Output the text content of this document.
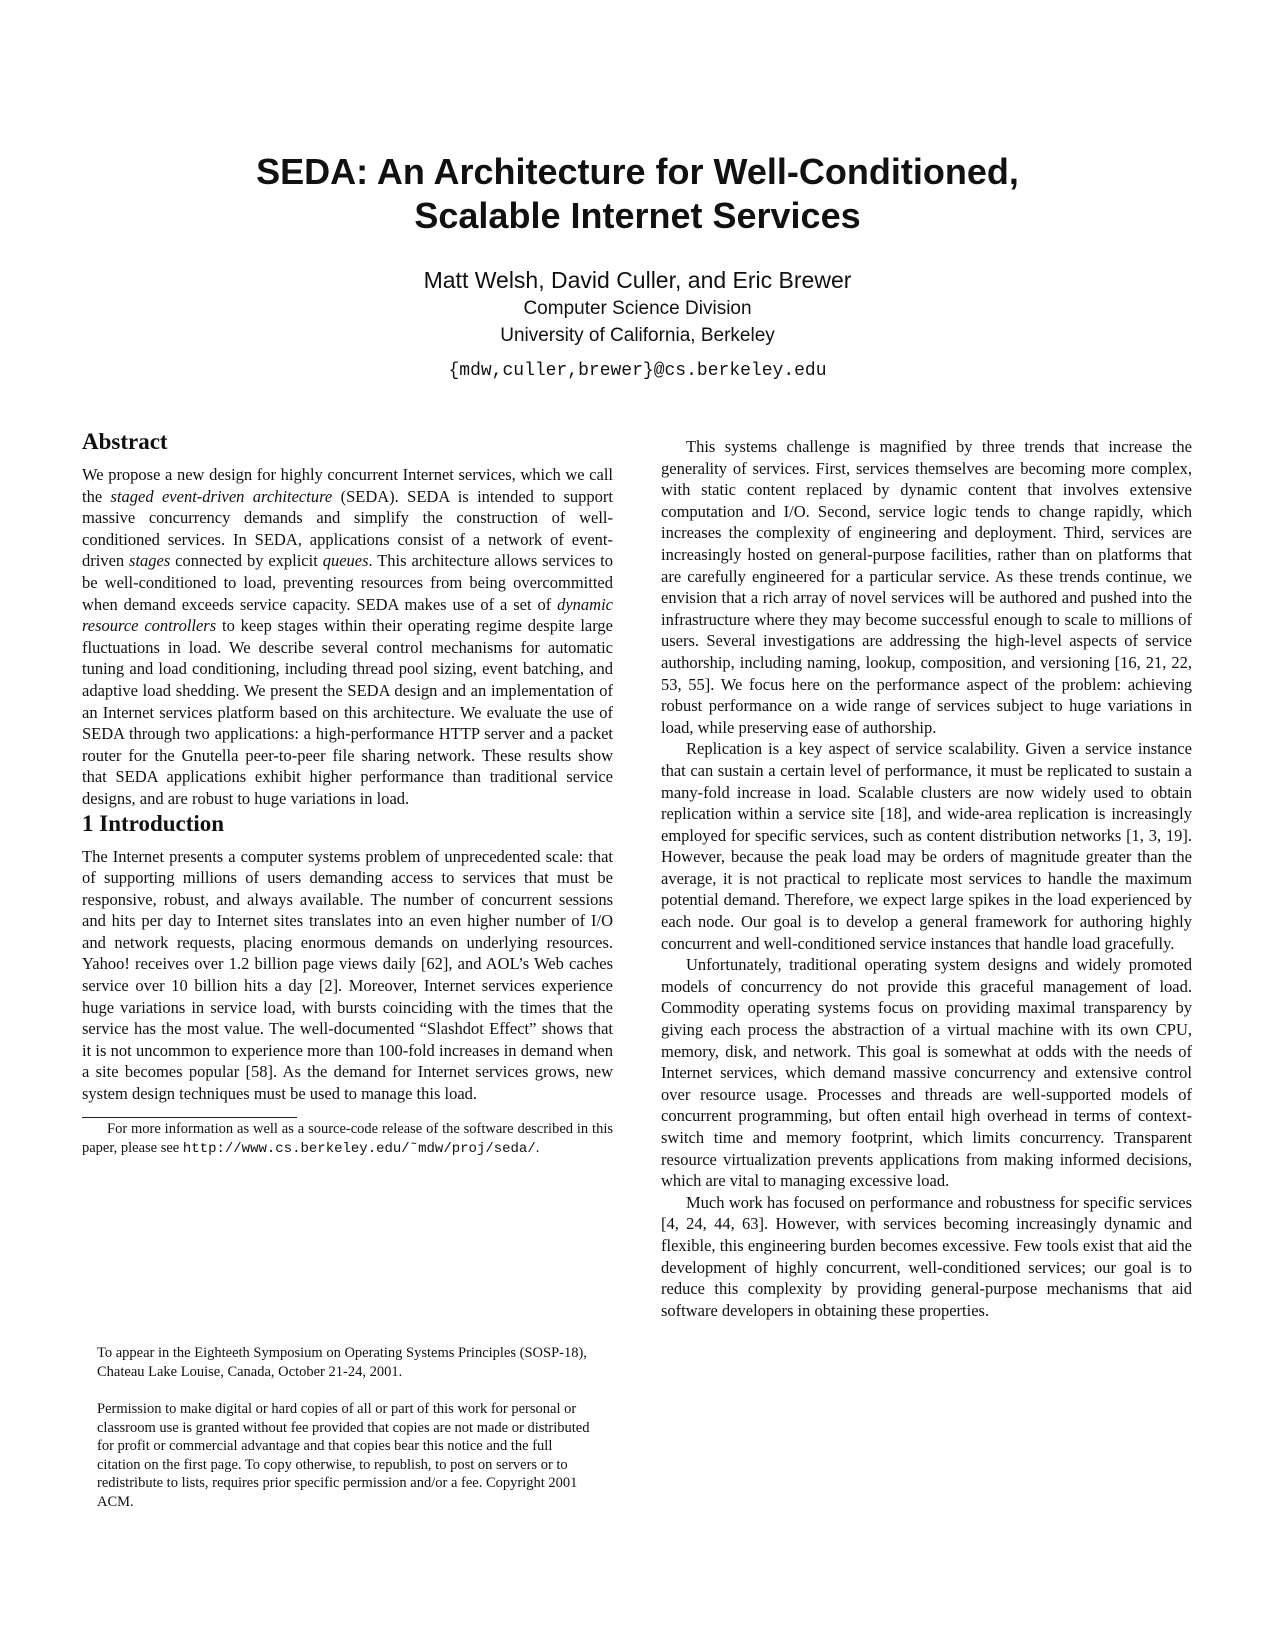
SEDA: An Architecture for Well-Conditioned,
Scalable Internet Services

Matt Welsh, David Culler, and Eric Brewer

Computer Science Division

University of California, Berkeley

{mdw,culler,brewer}@cs.berkeley.edu

Abstract

We propose a new design for highly concurrent Internet services, which we call the staged event-driven architecture (SEDA). SEDA is intended to support massive concurrency demands and simplify the construction of well-conditioned services. In SEDA, applications consist of a network of event-driven stages connected by explicit queues. This architecture allows services to be well-conditioned to load, preventing resources from being overcommitted when demand exceeds service capacity. SEDA makes use of a set of dynamic resource controllers to keep stages within their operating regime despite large fluctuations in load. We describe several control mechanisms for automatic tuning and load conditioning, including thread pool sizing, event batching, and adaptive load shedding. We present the SEDA design and an implementation of an Internet services platform based on this architecture. We evaluate the use of SEDA through two applications: a high-performance HTTP server and a packet router for the Gnutella peer-to-peer file sharing network. These results show that SEDA applications exhibit higher performance than traditional service designs, and are robust to huge variations in load.

1 Introduction

The Internet presents a computer systems problem of unprecedented scale: that of supporting millions of users demanding access to services that must be responsive, robust, and always available. The number of concurrent sessions and hits per day to Internet sites translates into an even higher number of I/O and network requests, placing enormous demands on underlying resources. Yahoo! receives over 1.2 billion page views daily [62], and AOL’s Web caches service over 10 billion hits a day [2]. Moreover, Internet services experience huge variations in service load, with bursts coinciding with the times that the service has the most value. The well-documented “Slashdot Effect” shows that it is not uncommon to experience more than 100-fold increases in demand when a site becomes popular [58]. As the demand for Internet services grows, new system design techniques must be used to manage this load.

For more information as well as a source-code release of the software described in this paper, please see http://www.cs.berkeley.edu/˜mdw/proj/seda/.

To appear in the Eighteeth Symposium on Operating Systems Principles (SOSP-18), Chateau Lake Louise, Canada, October 21-24, 2001.

Permission to make digital or hard copies of all or part of this work for personal or classroom use is granted without fee provided that copies are not made or distributed for profit or commercial advantage and that copies bear this notice and the full citation on the first page. To copy otherwise, to republish, to post on servers or to redistribute to lists, requires prior specific permission and/or a fee. Copyright 2001 ACM.

This systems challenge is magnified by three trends that increase the generality of services. First, services themselves are becoming more complex, with static content replaced by dynamic content that involves extensive computation and I/O. Second, service logic tends to change rapidly, which increases the complexity of engineering and deployment. Third, services are increasingly hosted on general-purpose facilities, rather than on platforms that are carefully engineered for a particular service. As these trends continue, we envision that a rich array of novel services will be authored and pushed into the infrastructure where they may become successful enough to scale to millions of users. Several investigations are addressing the high-level aspects of service authorship, including naming, lookup, composition, and versioning [16, 21, 22, 53, 55]. We focus here on the performance aspect of the problem: achieving robust performance on a wide range of services subject to huge variations in load, while preserving ease of authorship.

Replication is a key aspect of service scalability. Given a service instance that can sustain a certain level of performance, it must be replicated to sustain a many-fold increase in load. Scalable clusters are now widely used to obtain replication within a service site [18], and wide-area replication is increasingly employed for specific services, such as content distribution networks [1, 3, 19]. However, because the peak load may be orders of magnitude greater than the average, it is not practical to replicate most services to handle the maximum potential demand. Therefore, we expect large spikes in the load experienced by each node. Our goal is to develop a general framework for authoring highly concurrent and well-conditioned service instances that handle load gracefully.

Unfortunately, traditional operating system designs and widely promoted models of concurrency do not provide this graceful management of load. Commodity operating systems focus on providing maximal transparency by giving each process the abstraction of a virtual machine with its own CPU, memory, disk, and network. This goal is somewhat at odds with the needs of Internet services, which demand massive concurrency and extensive control over resource usage. Processes and threads are well-supported models of concurrent programming, but often entail high overhead in terms of context-switch time and memory footprint, which limits concurrency. Transparent resource virtualization prevents applications from making informed decisions, which are vital to managing excessive load.

Much work has focused on performance and robustness for specific services [4, 24, 44, 63]. However, with services becoming increasingly dynamic and flexible, this engineering burden becomes excessive. Few tools exist that aid the development of highly concurrent, well-conditioned services; our goal is to reduce this complexity by providing general-purpose mechanisms that aid software developers in obtaining these properties.
